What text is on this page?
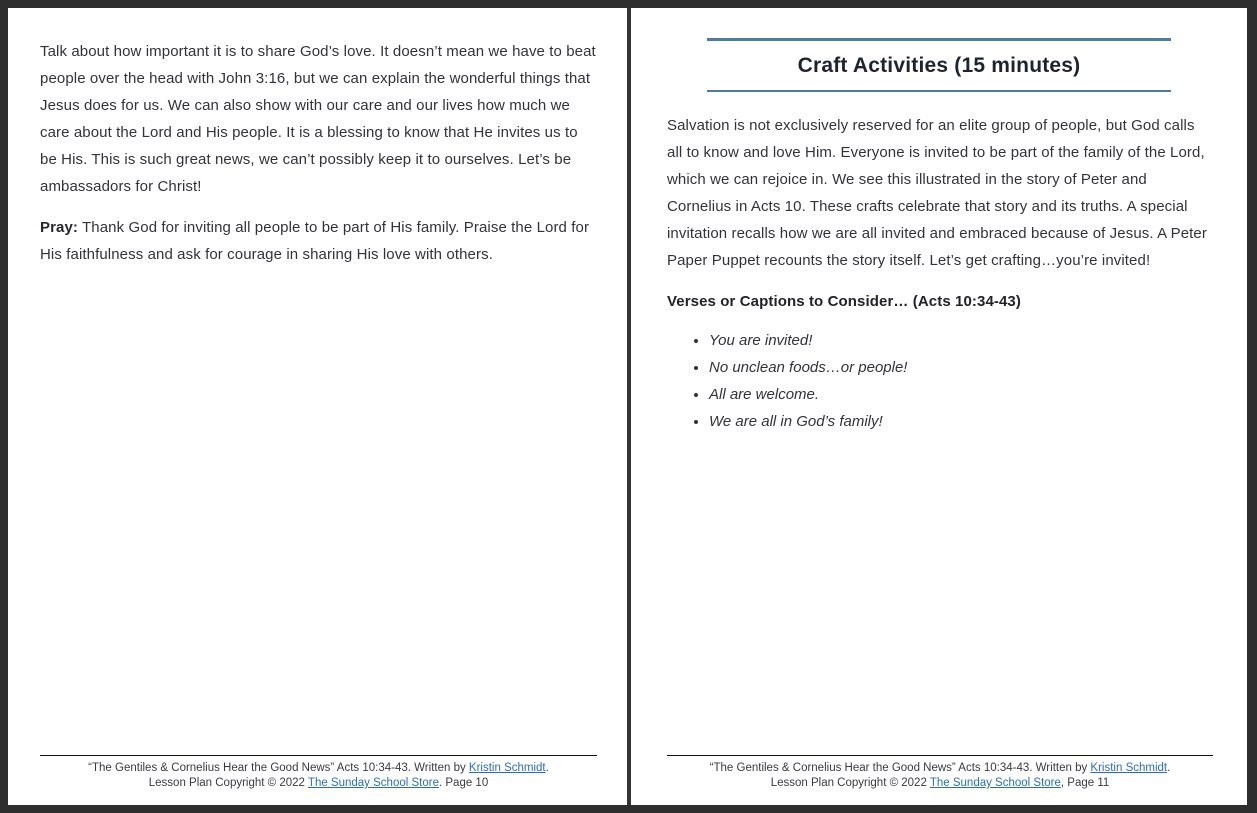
Talk about how important it is to share God’s love. It doesn’t mean we have to beat people over the head with John 3:16, but we can explain the wonderful things that Jesus does for us. We can also show with our care and our lives how much we care about the Lord and His people. It is a blessing to know that He invites us to be His. This is such great news, we can’t possibly keep it to ourselves. Let’s be ambassadors for Christ!

Pray: Thank God for inviting all people to be part of His family. Praise the Lord for His faithfulness and ask for courage in sharing His love with others.

“The Gentiles & Cornelius Hear the Good News” Acts 10:34-43. Written by Kristin Schmidt.
Lesson Plan Copyright © 2022 The Sunday School Store. Page 10
Craft Activities (15 minutes)

Salvation is not exclusively reserved for an elite group of people, but God calls all to know and love Him. Everyone is invited to be part of the family of the Lord, which we can rejoice in. We see this illustrated in the story of Peter and Cornelius in Acts 10. These crafts celebrate that story and its truths. A special invitation recalls how we are all invited and embraced because of Jesus. A Peter Paper Puppet recounts the story itself. Let’s get crafting…you’re invited!

Verses or Captions to Consider… (Acts 10:34-43)

• You are invited!
• No unclean foods…or people!
• All are welcome.
• We are all in God’s family!
“The Gentiles & Cornelius Hear the Good News” Acts 10:34-43. Written by Kristin Schmidt.
Lesson Plan Copyright © 2022 The Sunday School Store, Page 11
